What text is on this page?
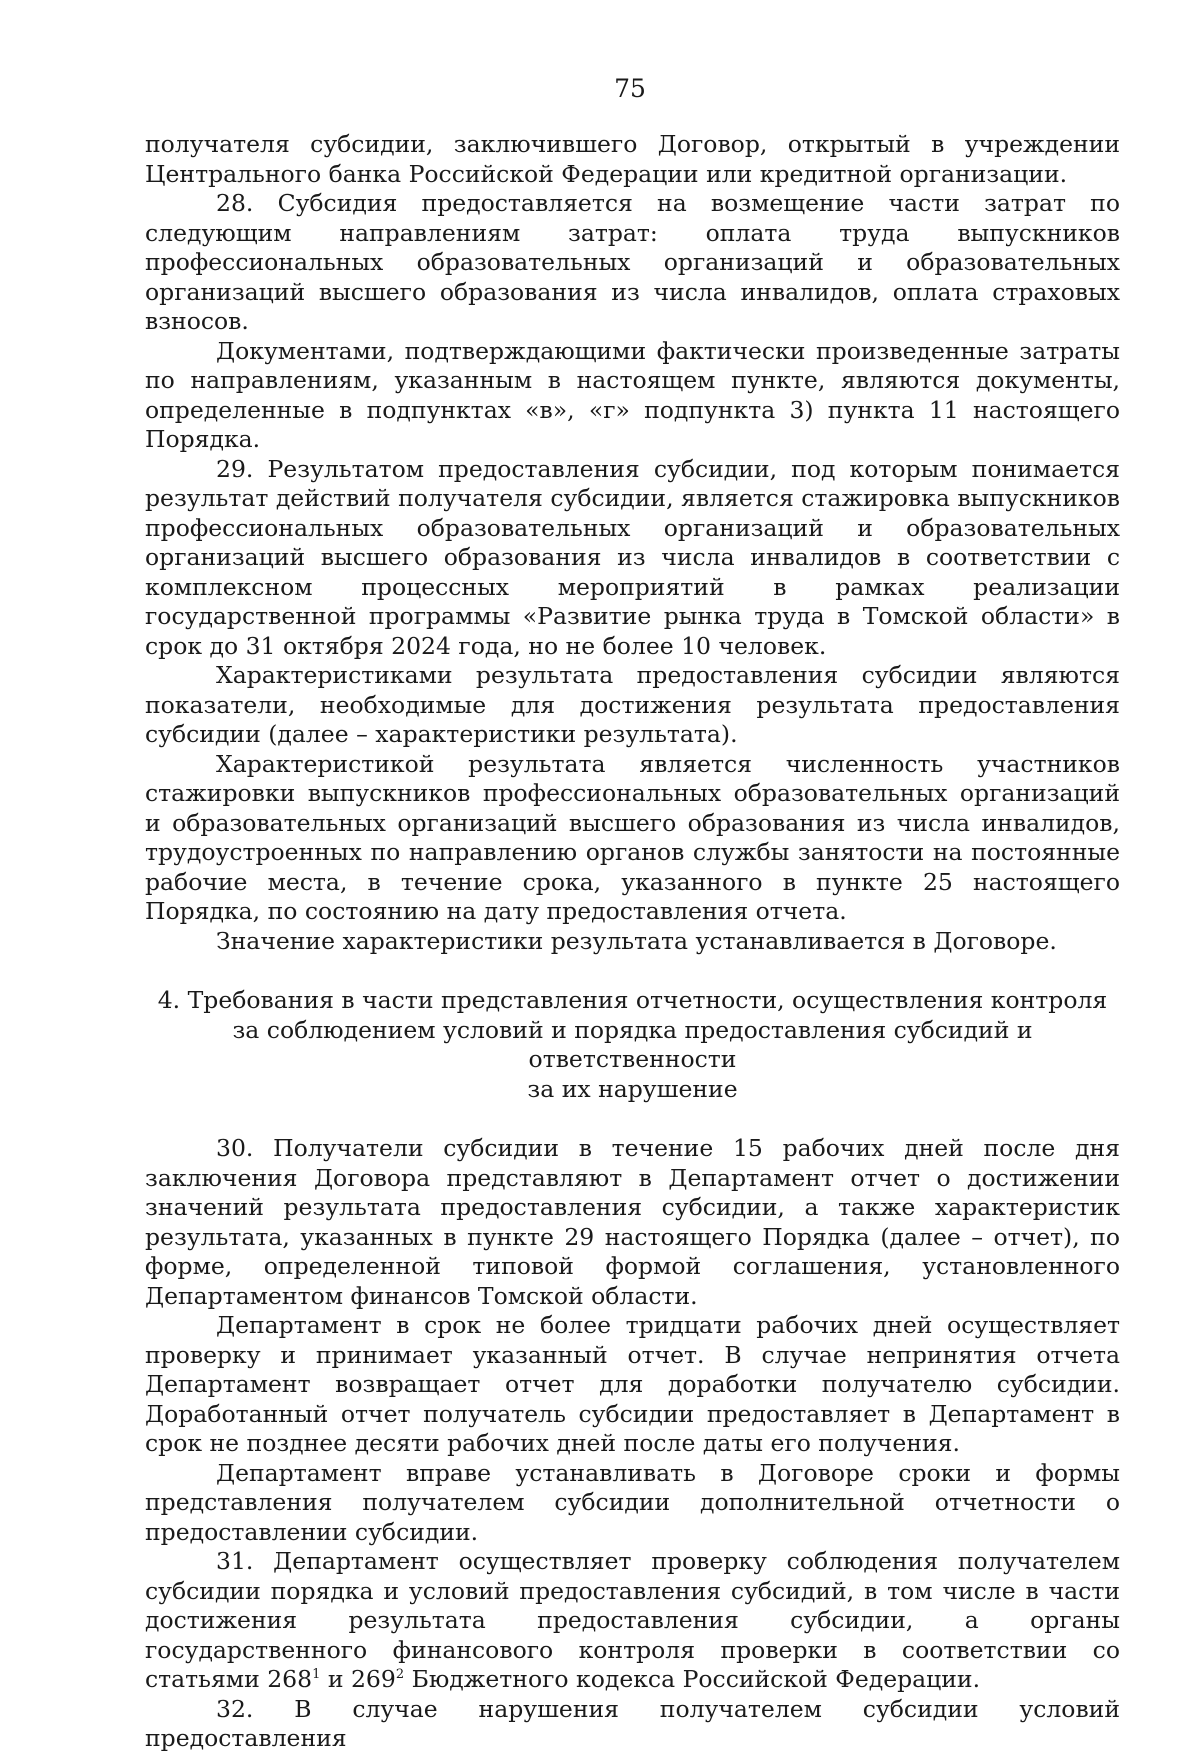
75

получателя субсидии, заключившего Договор, открытый в учреждении Центрального банка Российской Федерации или кредитной организации.

28. Субсидия предоставляется на возмещение части затрат по следующим направлениям затрат: оплата труда выпускников профессиональных образовательных организаций и образовательных организаций высшего образования из числа инвалидов, оплата страховых взносов.

Документами, подтверждающими фактически произведенные затраты по направлениям, указанным в настоящем пункте, являются документы, определенные в подпунктах «в», «г» подпункта 3) пункта 11 настоящего Порядка.

29. Результатом предоставления субсидии, под которым понимается результат действий получателя субсидии, является стажировка выпускников профессиональных образовательных организаций и образовательных организаций высшего образования из числа инвалидов в соответствии с комплексном процессных мероприятий в рамках реализации государственной программы «Развитие рынка труда в Томской области» в срок до 31 октября 2024 года, но не более 10 человек.

Характеристиками результата предоставления субсидии являются показатели, необходимые для достижения результата предоставления субсидии (далее – характеристики результата).

Характеристикой результата является численность участников стажировки выпускников профессиональных образовательных организаций и образовательных организаций высшего образования из числа инвалидов, трудоустроенных по направлению органов службы занятости на постоянные рабочие места, в течение срока, указанного в пункте 25 настоящего Порядка, по состоянию на дату предоставления отчета.

Значение характеристики результата устанавливается в Договоре.

4. Требования в части представления отчетности, осуществления контроля
за соблюдением условий и порядка предоставления субсидий и ответственности
за их нарушение

30. Получатели субсидии в течение 15 рабочих дней после дня заключения Договора представляют в Департамент отчет о достижении значений результата предоставления субсидии, а также характеристик результата, указанных в пункте 29 настоящего Порядка (далее – отчет), по форме, определенной типовой формой соглашения, установленного Департаментом финансов Томской области.

Департамент в срок не более тридцати рабочих дней осуществляет проверку и принимает указанный отчет. В случае непринятия отчета Департамент возвращает отчет для доработки получателю субсидии. Доработанный отчет получатель субсидии предоставляет в Департамент в срок не позднее десяти рабочих дней после даты его получения.

Департамент вправе устанавливать в Договоре сроки и формы представления получателем субсидии дополнительной отчетности о предоставлении субсидии.

31. Департамент осуществляет проверку соблюдения получателем субсидии порядка и условий предоставления субсидий, в том числе в части достижения результата предоставления субсидии, а органы государственного финансового контроля проверки в соответствии со статьями $268^1$ и $269^2$ Бюджетного кодекса Российской Федерации.

32. В случае нарушения получателем субсидии условий предоставления
